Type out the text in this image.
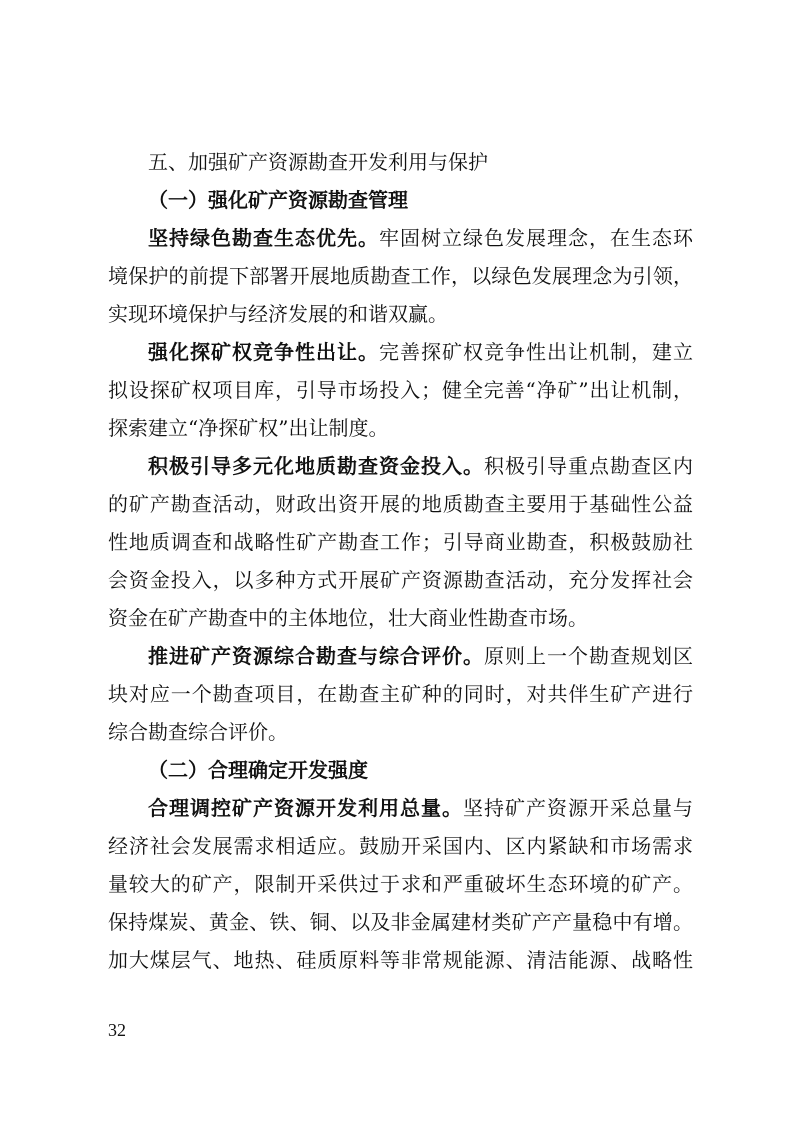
五、加强矿产资源勘查开发利用与保护
（一）强化矿产资源勘查管理
坚持绿色勘查生态优先。牢固树立绿色发展理念，在生态环
境保护的前提下部署开展地质勘查工作，以绿色发展理念为引领，
实现环境保护与经济发展的和谐双赢。
强化探矿权竞争性出让。完善探矿权竞争性出让机制，建立
拟设探矿权项目库，引导市场投入；健全完善“净矿”出让机制，
探索建立“净探矿权”出让制度。
积极引导多元化地质勘查资金投入。积极引导重点勘查区内
的矿产勘查活动，财政出资开展的地质勘查主要用于基础性公益
性地质调查和战略性矿产勘查工作；引导商业勘查，积极鼓励社
会资金投入，以多种方式开展矿产资源勘查活动，充分发挥社会
资金在矿产勘查中的主体地位，壮大商业性勘查市场。
推进矿产资源综合勘查与综合评价。原则上一个勘查规划区
块对应一个勘查项目，在勘查主矿种的同时，对共伴生矿产进行
综合勘查综合评价。
（二）合理确定开发强度
合理调控矿产资源开发利用总量。坚持矿产资源开采总量与
经济社会发展需求相适应。鼓励开采国内、区内紧缺和市场需求
量较大的矿产，限制开采供过于求和严重破坏生态环境的矿产。
保持煤炭、黄金、铁、铜、以及非金属建材类矿产产量稳中有增。
加大煤层气、地热、硅质原料等非常规能源、清洁能源、战略性
32
